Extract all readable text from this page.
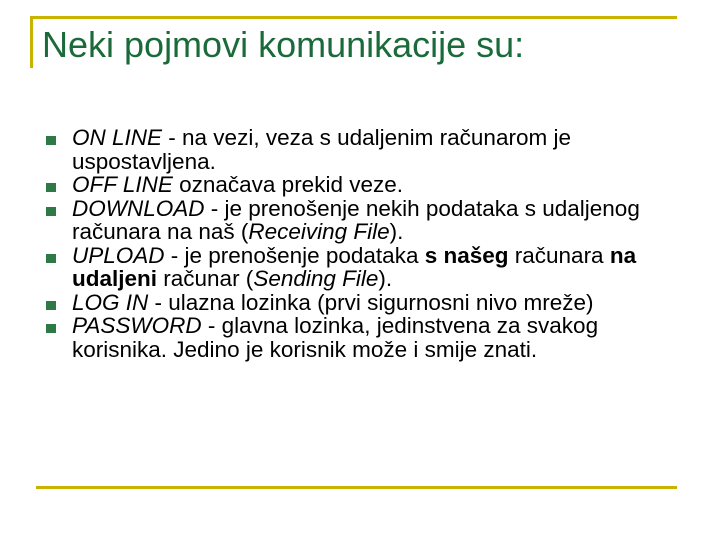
Neki pojmovi komunikacije su:
ON LINE - na vezi, veza s udaljenim računarom je uspostavljena.
OFF LINE označava prekid veze.
DOWNLOAD - je prenošenje nekih podataka s udaljenog računara na naš (Receiving File).
UPLOAD - je prenošenje podataka s našeg računara na udaljeni računar (Sending File).
LOG IN - ulazna lozinka (prvi sigurnosni nivo mreže)
PASSWORD - glavna lozinka, jedinstvena za svakog korisnika. Jedino je korisnik može i smije znati.
